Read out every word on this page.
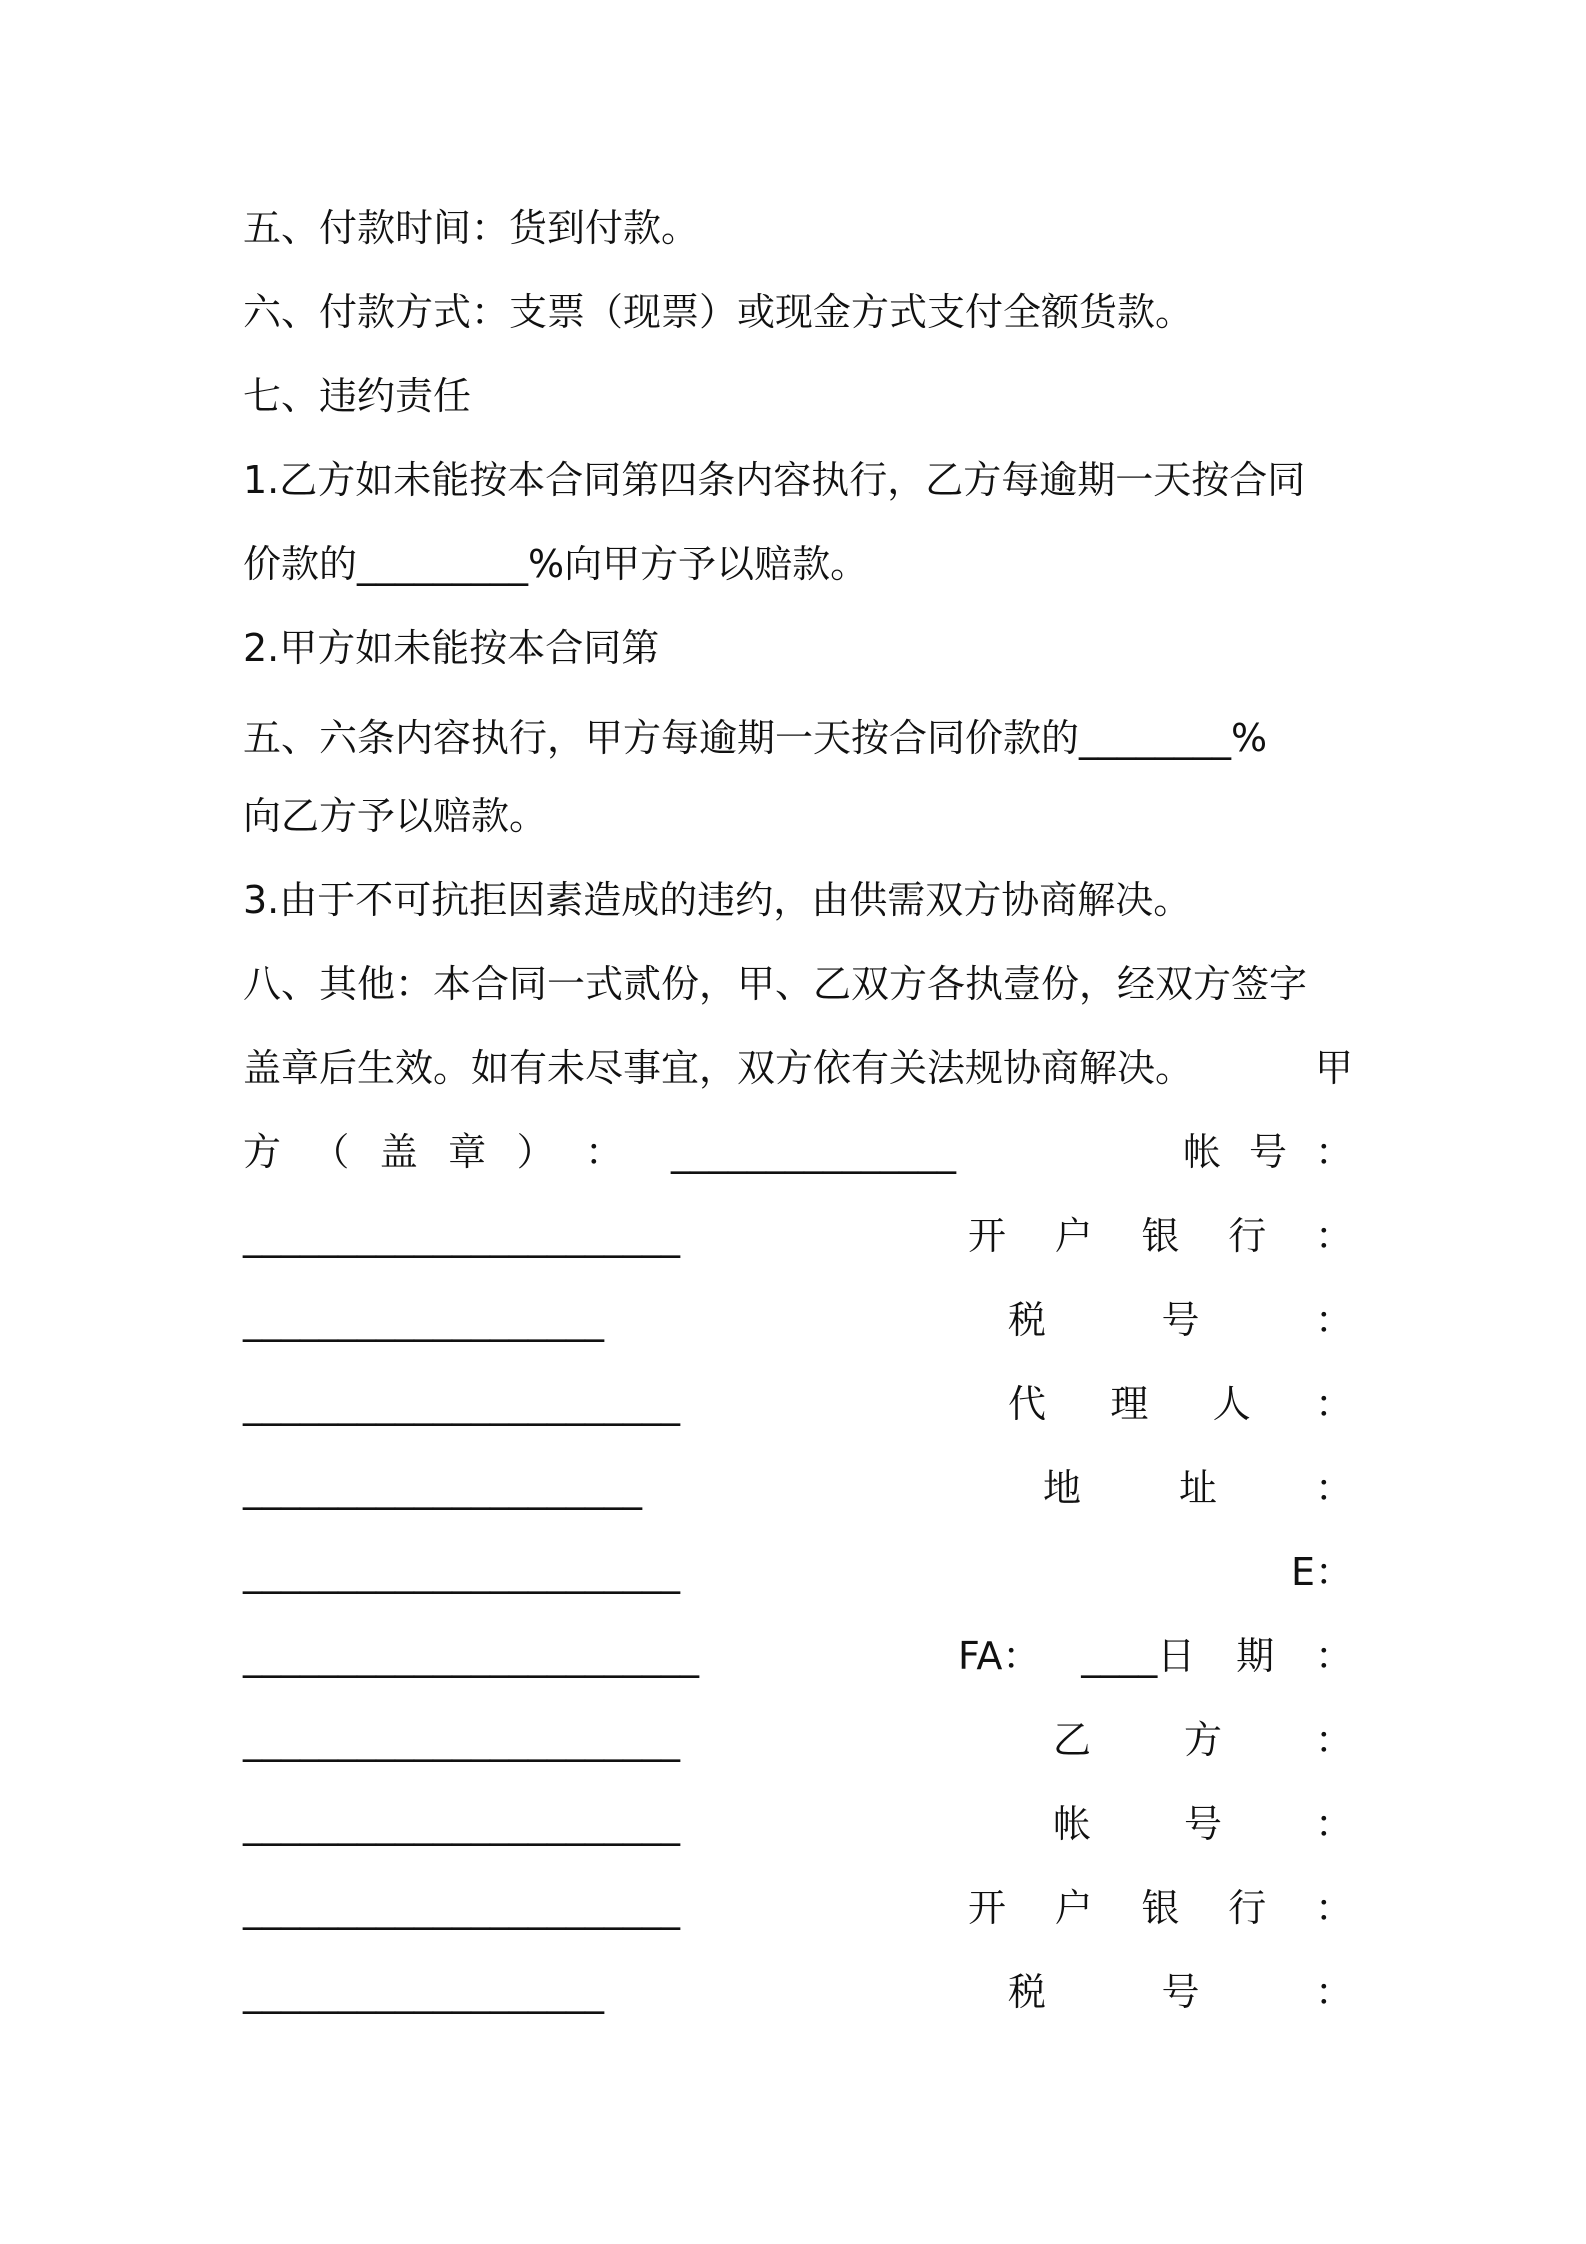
五、付款时间：货到付款。
六、付款方式：支票（现票）或现金方式支付全额货款。
七、违约责任
1.乙方如未能按本合同第四条内容执行，乙方每逾期一天按合同
价款的_________%向甲方予以赔款。
2.甲方如未能按本合同第
五、六条内容执行，甲方每逾期一天按合同价款的________%
向乙方予以赔款。
3.由于不可抗拒因素造成的违约，由供需双方协商解决。
八、其他：本合同一式贰份，甲、乙双方各执壹份，经双方签字
盖章后生效。如有未尽事宜，双方依有关法规协商解决。	甲
方 （ 盖 章 ） ： _______________	帐 号 ：
_______________________	开 户 银 行 ：
___________________	税	号	：
_______________________	代 理 人 ：
_____________________	地	址	：
_______________________	E：
________________________	FA： ____日 期 ：
_______________________	乙 方 ：
_______________________	帐 号 ：
_______________________	开 户 银 行 ：
___________________	税	号	：
